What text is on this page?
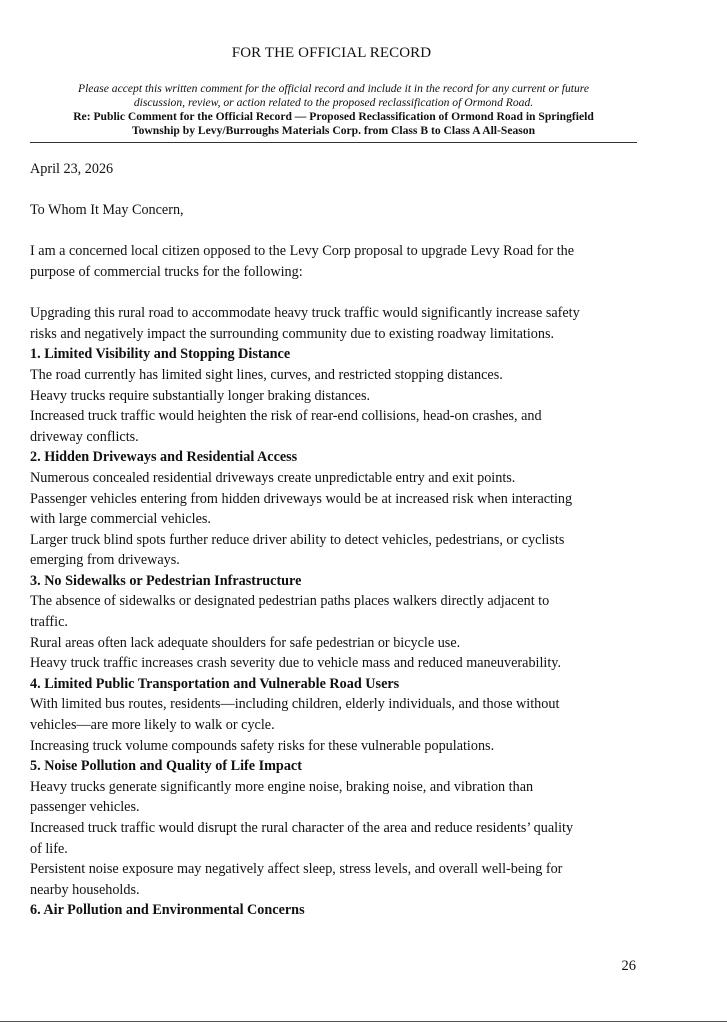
FOR THE OFFICIAL RECORD

Please accept this written comment for the official record and include it in the record for any current or future

discussion, review, or action related to the proposed reclassification of Ormond Road.

Re: Public Comment for the Official Record — Proposed Reclassification of Ormond Road in Springfield

Township by Levy/Burroughs Materials Corp. from Class B to Class A All-Season

April 23, 2026

To Whom It May Concern,

I am a concerned local citizen opposed to the Levy Corp proposal to upgrade Levy Road for the

purpose of commercial trucks for the following:

Upgrading this rural road to accommodate heavy truck traffic would significantly increase safety

risks and negatively impact the surrounding community due to existing roadway limitations.

1. Limited Visibility and Stopping Distance

The road currently has limited sight lines, curves, and restricted stopping distances.

Heavy trucks require substantially longer braking distances.

Increased truck traffic would heighten the risk of rear-end collisions, head-on crashes, and

driveway conflicts.

2. Hidden Driveways and Residential Access

Numerous concealed residential driveways create unpredictable entry and exit points.

Passenger vehicles entering from hidden driveways would be at increased risk when interacting

with large commercial vehicles.

Larger truck blind spots further reduce driver ability to detect vehicles, pedestrians, or cyclists

emerging from driveways.

3. No Sidewalks or Pedestrian Infrastructure

The absence of sidewalks or designated pedestrian paths places walkers directly adjacent to

traffic.

Rural areas often lack adequate shoulders for safe pedestrian or bicycle use.

Heavy truck traffic increases crash severity due to vehicle mass and reduced maneuverability.

4. Limited Public Transportation and Vulnerable Road Users

With limited bus routes, residents—including children, elderly individuals, and those without

vehicles—are more likely to walk or cycle.

Increasing truck volume compounds safety risks for these vulnerable populations.

5. Noise Pollution and Quality of Life Impact

Heavy trucks generate significantly more engine noise, braking noise, and vibration than

passenger vehicles.

Increased truck traffic would disrupt the rural character of the area and reduce residents’ quality

of life.

Persistent noise exposure may negatively affect sleep, stress levels, and overall well-being for

nearby households.

6. Air Pollution and Environmental Concerns

26
